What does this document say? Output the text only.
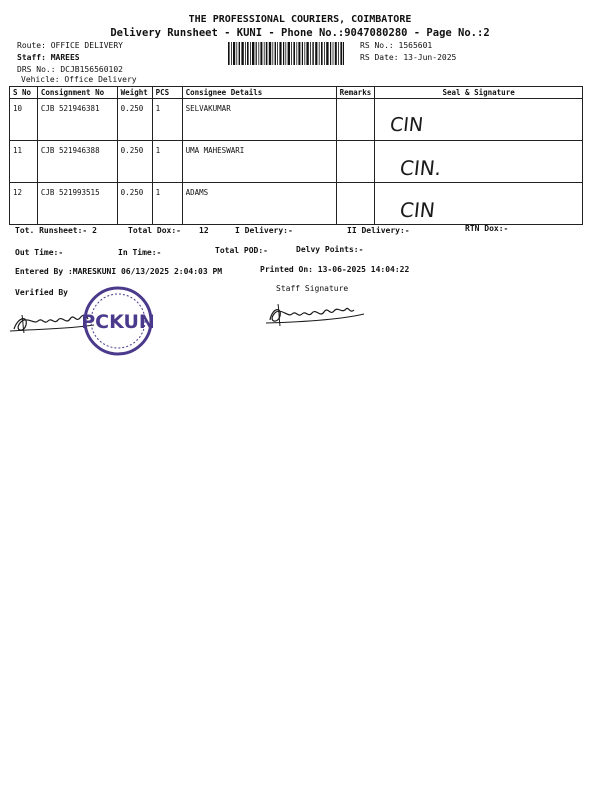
THE PROFESSIONAL COURIERS, COIMBATORE
Delivery Runsheet - KUNI - Phone No.:9047080280 - Page No.:2
Route: OFFICE DELIVERY
Staff: MAREES
DRS No.: DCJB156560102
Vehicle: Office Delivery
RS No.: 1565601
RS Date: 13-Jun-2025
S No	Consignment No	Weight	PCS	Consignee Details	Remarks	Seal & Signature
10	CJB 521946381	0.250	1	SELVAKUMAR		CIN

11	CJB 521946388	0.250	1	UMA MAHESWARI		CIN.

12	CJB 521993515	0.250	1	ADAMS		CIN
Tot. Runsheet:- 2	Total Dox:- 12	I Delivery:-	II Delivery:-	RTN Dox:-
Out Time:-	In Time:-	Total POD:-	Delvy Points:-
Entered By :MARESKUNI 06/13/2025 2:04:03 PM	Printed On: 13-06-2025 14:04:22
Verified By	Staff Signature
PCKUN
